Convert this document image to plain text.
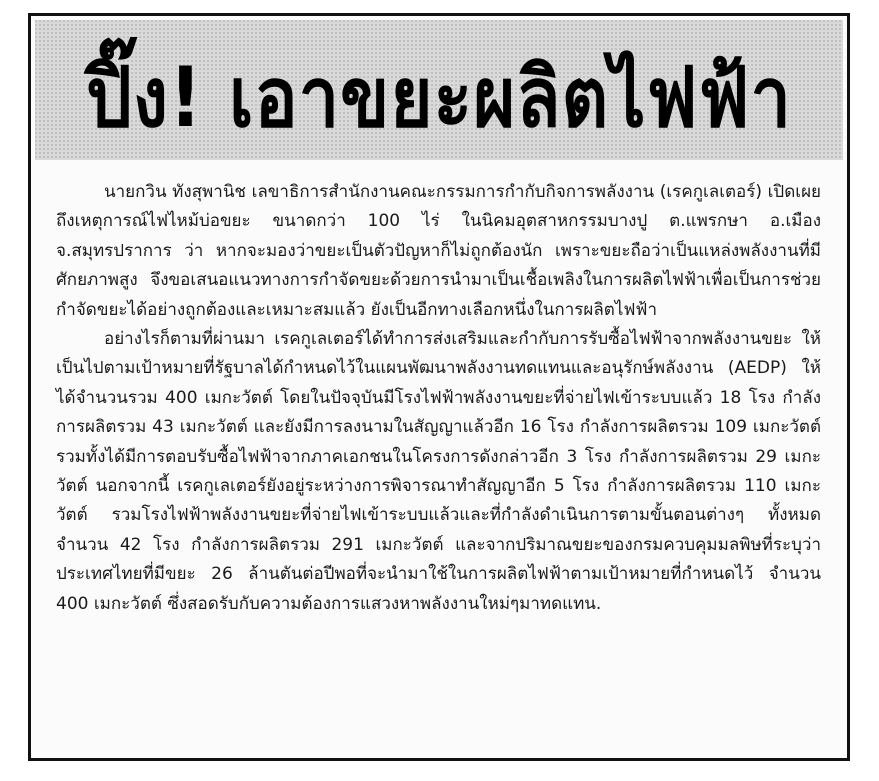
ปิ๊ง! เอาขยะผลิตไฟฟ้า

นายกวิน ทังสุพานิช เลขาธิการสำนักงานคณะกรรมการกำกับกิจการพลังงาน (เรคกูเลเตอร์) เปิดเผยถึงเหตุการณ์ไฟไหม้บ่อขยะ ขนาดกว่า 100 ไร่ ในนิคมอุตสาหกรรมบางปู ต.แพรกษา อ.เมือง จ.สมุทรปราการ ว่า หากจะมองว่าขยะเป็นตัวปัญหาก็ไม่ถูกต้องนัก เพราะขยะถือว่าเป็นแหล่งพลังงานที่มีศักยภาพสูง จึงขอเสนอแนวทางการกำจัดขยะด้วยการนำมาเป็นเชื้อเพลิงในการผลิตไฟฟ้าเพื่อเป็นการช่วยกำจัดขยะได้อย่างถูกต้องและเหมาะสมแล้ว ยังเป็นอีกทางเลือกหนึ่งในการผลิตไฟฟ้า

อย่างไรก็ตามที่ผ่านมา เรคกูเลเตอร์ได้ทำการส่งเสริมและกำกับการรับซื้อไฟฟ้าจากพลังงานขยะ ให้เป็นไปตามเป้าหมายที่รัฐบาลได้กำหนดไว้ในแผนพัฒนาพลังงานทดแทนและอนุรักษ์พลังงาน (AEDP) ให้ได้จำนวนรวม 400 เมกะวัตต์ โดยในปัจจุบันมีโรงไฟฟ้าพลังงานขยะที่จ่ายไฟเข้าระบบแล้ว 18 โรง กำลังการผลิตรวม 43 เมกะวัตต์ และยังมีการลงนามในสัญญาแล้วอีก 16 โรง กำลังการผลิตรวม 109 เมกะวัตต์ รวมทั้งได้มีการตอบรับซื้อไฟฟ้าจากภาคเอกชนในโครงการดังกล่าวอีก 3 โรง กำลังการผลิตรวม 29 เมกะวัตต์ นอกจากนี้ เรคกูเลเตอร์ยังอยู่ระหว่างการพิจารณาทำสัญญาอีก 5 โรง กำลังการผลิตรวม 110 เมกะวัตต์ รวมโรงไฟฟ้าพลังงานขยะที่จ่ายไฟเข้าระบบแล้วและที่กำลังดำเนินการตามขั้นตอนต่างๆ ทั้งหมดจำนวน 42 โรง กำลังการผลิตรวม 291 เมกะวัตต์ และจากปริมาณขยะของกรมควบคุมมลพิษที่ระบุว่า ประเทศไทยที่มีขยะ 26 ล้านตันต่อปีพอที่จะนำมาใช้ในการผลิตไฟฟ้าตามเป้าหมายที่กำหนดไว้ จำนวน 400 เมกะวัตต์ ซึ่งสอดรับกับความต้องการแสวงหาพลังงานใหม่ๆมาทดแทน.
